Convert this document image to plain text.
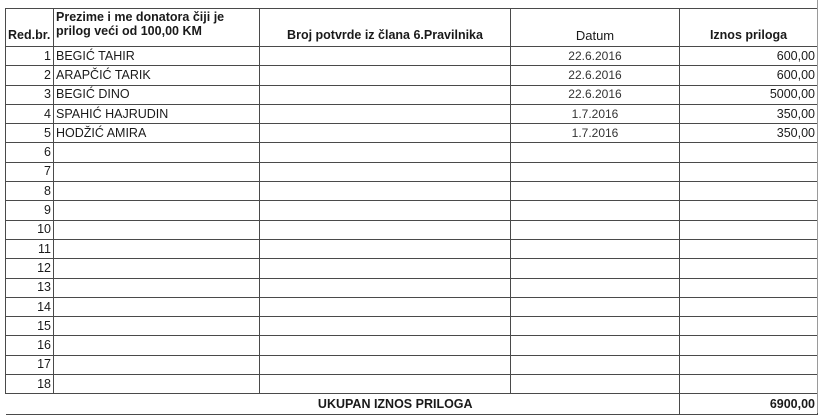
Red.br.	Prezime i me donatora čiji je prilog veći od 100,00 KM	Broj potvrde iz člana 6.Pravilnika	Datum	Iznos priloga
1	BEGIĆ TAHIR		22.6.2016	600,00
2	ARAPČIĆ TARIK		22.6.2016	600,00
3	BEGIĆ DINO		22.6.2016	5000,00
4	SPAHIĆ HAJRUDIN		1.7.2016	350,00
5	HODŽIĆ AMIRA		1.7.2016	350,00
6				
7				
8				
9				
10				
11				
12				
13				
14				
15				
16				
17				
18				
	UKUPAN IZNOS PRILOGA			6900,00
